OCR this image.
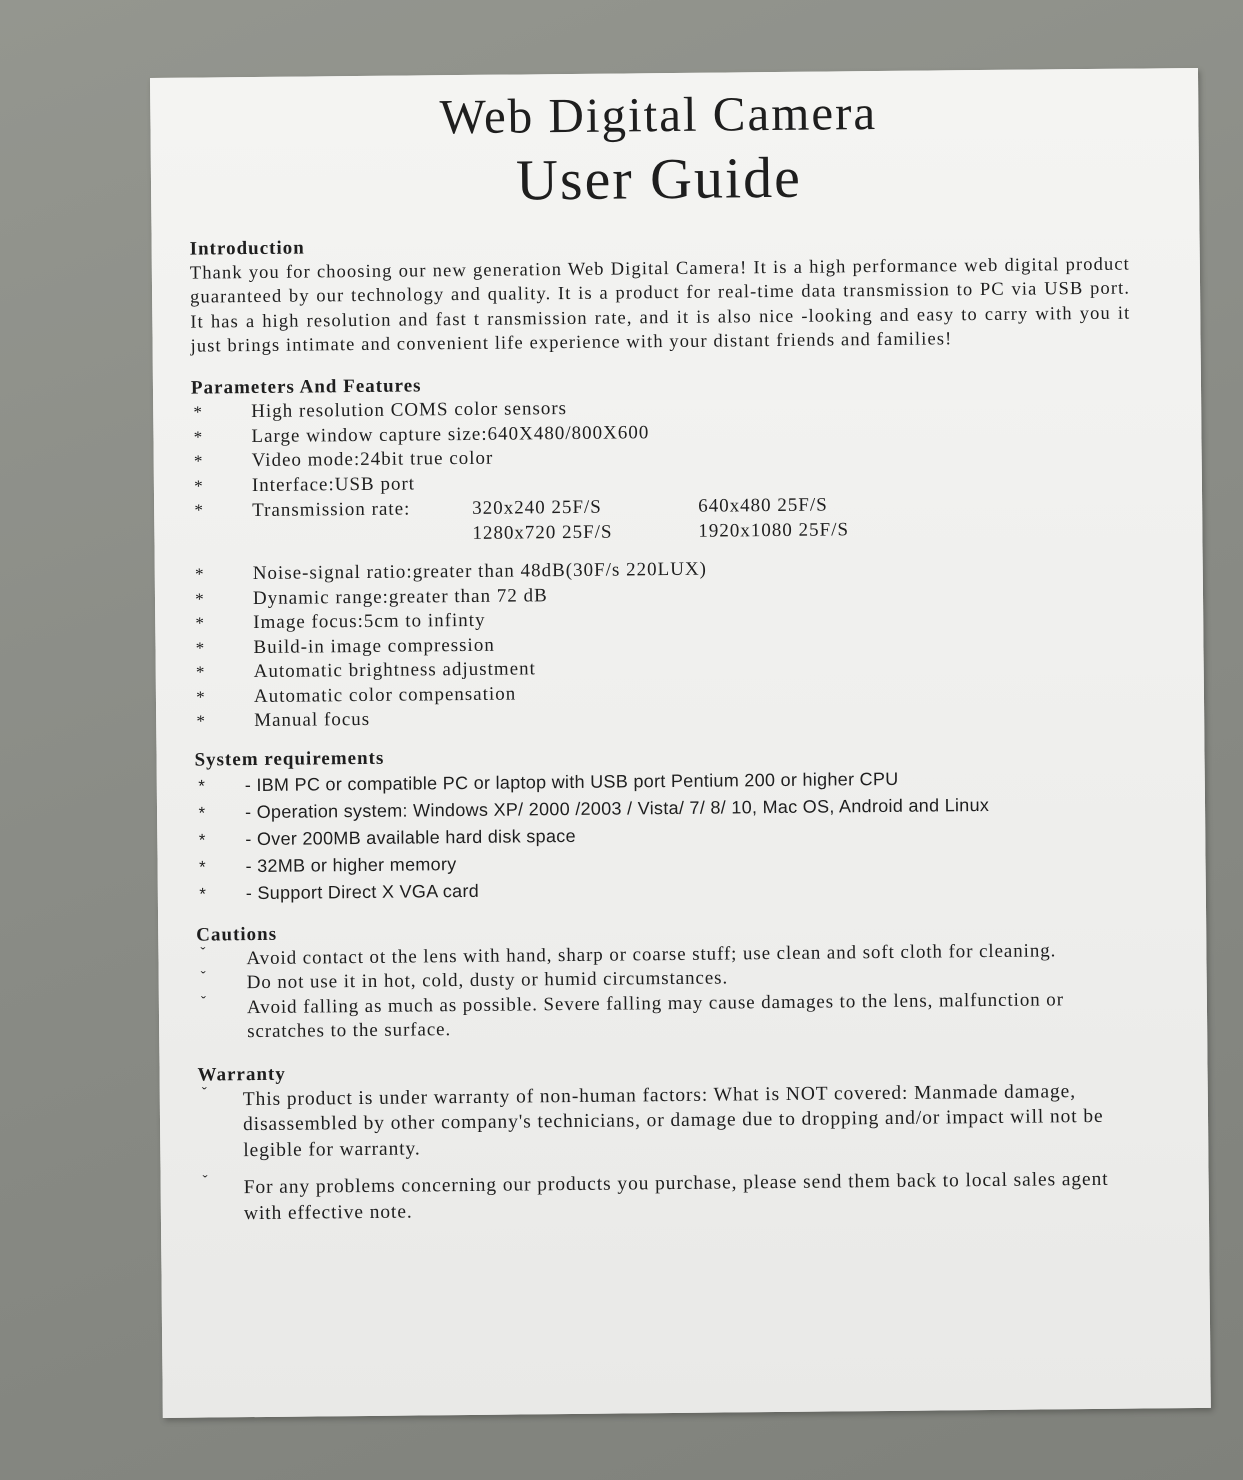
Web Digital Camera
User Guide
Introduction

Thank you for choosing our new generation Web Digital Camera! It is a high performance web digital product guaranteed by our technology and quality. It is a product for real-time data transmission to PC via USB port. It has a high resolution and fast t ransmission rate, and it is also nice -looking and easy to carry with you it just brings intimate and convenient life experience with your distant friends and families!

Parameters And Features
*	High resolution COMS color sensors
*	Large window capture size:640X480/800X600
*	Video mode:24bit true color
*	Interface:USB port
*	Transmission rate:	320x240 25F/S	640x480 25F/S
1280x720 25F/S	1920x1080 25F/S
*	Noise-signal ratio:greater than 48dB(30F/s 220LUX)
*	Dynamic range:greater than 72 dB
*	Image focus:5cm to infinty
*	Build-in image compression
*	Automatic brightness adjustment
*	Automatic color compensation
*	Manual focus
System requirements
* - IBM PC or compatible PC or laptop with USB port Pentium 200 or higher CPU
* - Operation system: Windows XP/ 2000 /2003 / Vista/ 7/ 8/ 10, Mac OS, Android and Linux
* - Over 200MB available hard disk space
* - 32MB or higher memory
* - Support Direct X VGA card
Cautions
ˇ Avoid contact ot the lens with hand, sharp or coarse stuff; use clean and soft cloth for cleaning.
ˇ Do not use it in hot, cold, dusty or humid circumstances.
ˇ Avoid falling as much as possible. Severe falling may cause damages to the lens, malfunction or scratches to the surface.
Warranty
ˇ This product is under warranty of non-human factors: What is NOT covered: Manmade damage, disassembled by other company's technicians, or damage due to dropping and/or impact will not be legible for warranty.
ˇ For any problems concerning our products you purchase, please send them back to local sales agent with effective note.
